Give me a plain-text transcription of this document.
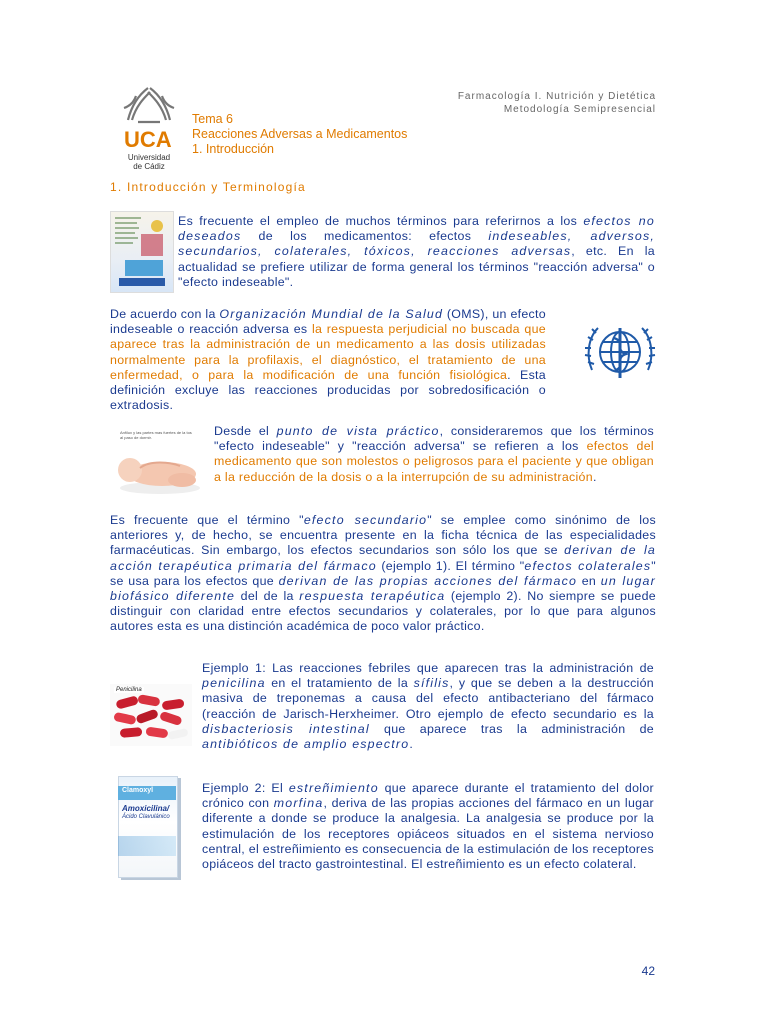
Farmacología I. Nutrición y Dietética
Metodología Semipresencial
UCA
Universidad
de Cádiz
Tema 6
Reacciones Adversas a Medicamentos
1. Introducción
1. Introducción y Terminología
Es frecuente el empleo de muchos términos para referirnos a los efectos no deseados de los medicamentos: efectos indeseables, adversos, secundarios, colaterales, tóxicos, reacciones adversas, etc. En la actualidad se prefiere utilizar de forma general los términos "reacción adversa" o "efecto indeseable".
De acuerdo con la Organización Mundial de la Salud (OMS), un efecto indeseable o reacción adversa es la respuesta perjudicial no buscada que aparece tras la administración de un medicamento a las dosis utilizadas normalmente para la profilaxis, el diagnóstico, el tratamiento de una enfermedad, o para la modificación de una función fisiológica. Esta definición excluye las reacciones producidas por sobredosificación o extradosis.
Anfilux y las partes mas fuertes de la tos al paso de dormir.	Desde el punto de vista práctico, consideraremos que los términos "efecto indeseable" y "reacción adversa" se refieren a los efectos del medicamento que son molestos o peligrosos para el paciente y que obligan a la reducción de la dosis o a la interrupción de su administración.
Es frecuente que el término "efecto secundario" se emplee como sinónimo de los anteriores y, de hecho, se encuentra presente en la ficha técnica de las especialidades farmacéuticas. Sin embargo, los efectos secundarios son sólo los que se derivan de la acción terapéutica primaria del fármaco (ejemplo 1). El término "efectos colaterales" se usa para los efectos que derivan de las propias acciones del fármaco en un lugar biofásico diferente del de la respuesta terapéutica (ejemplo 2). No siempre se puede distinguir con claridad entre efectos secundarios y colaterales, por lo que para algunos autores esta es una distinción académica de poco valor práctico.
Penicilina
Ejemplo 1: Las reacciones febriles que aparecen tras la administración de penicilina en el tratamiento de la sífilis, y que se deben a la destrucción masiva de treponemas a causa del efecto antibacteriano del fármaco (reacción de Jarisch-Herxheimer. Otro ejemplo de efecto secundario es la disbacteriosis intestinal que aparece tras la administración de antibióticos de amplio espectro.
Clamoxyl
Amoxicilina/
Ácido Clavulánico
Ejemplo 2: El estreñimiento que aparece durante el tratamiento del dolor crónico con morfina, deriva de las propias acciones del fármaco en un lugar diferente a donde se produce la analgesia. La analgesia se produce por la estimulación de los receptores opiáceos situados en el sistema nervioso central, el estreñimiento es consecuencia de la estimulación de los receptores opiáceos del tracto gastrointestinal. El estreñimiento es un efecto colateral.
42
